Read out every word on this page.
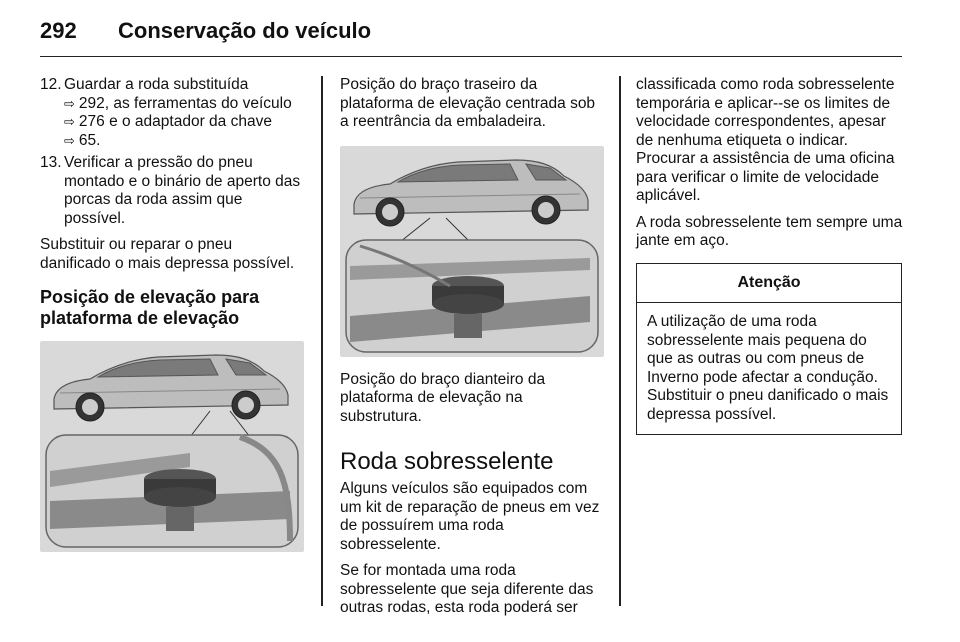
292 Conservação do veículo
12. Guardar a roda substituída
⇨ 292, as ferramentas do veículo
⇨ 276 e o adaptador da chave
⇨ 65.
13. Verificar a pressão do pneu montado e o binário de aperto das porcas da roda assim que possível.

Substituir ou reparar o pneu danificado o mais depressa possível.

Posição de elevação para plataforma de elevação

Posição do braço traseiro da plataforma de elevação centrada sob a reentrância da embaladeira.

Posição do braço dianteiro da plataforma de elevação na substrutura.

Roda sobresselente

Alguns veículos são equipados com um kit de reparação de pneus em vez de possuírem uma roda sobresselente.

Se for montada uma roda sobresselente que seja diferente das outras rodas, esta roda poderá ser

classificada como roda sobresselente temporária e aplicar--se os limites de velocidade correspondentes, apesar de nenhuma etiqueta o indicar. Procurar a assistência de uma oficina para verificar o limite de velocidade aplicável.

A roda sobresselente tem sempre uma jante em aço.

Atenção
A utilização de uma roda sobresselente mais pequena do que as outras ou com pneus de Inverno pode afectar a condução. Substituir o pneu danificado o mais depressa possível.
